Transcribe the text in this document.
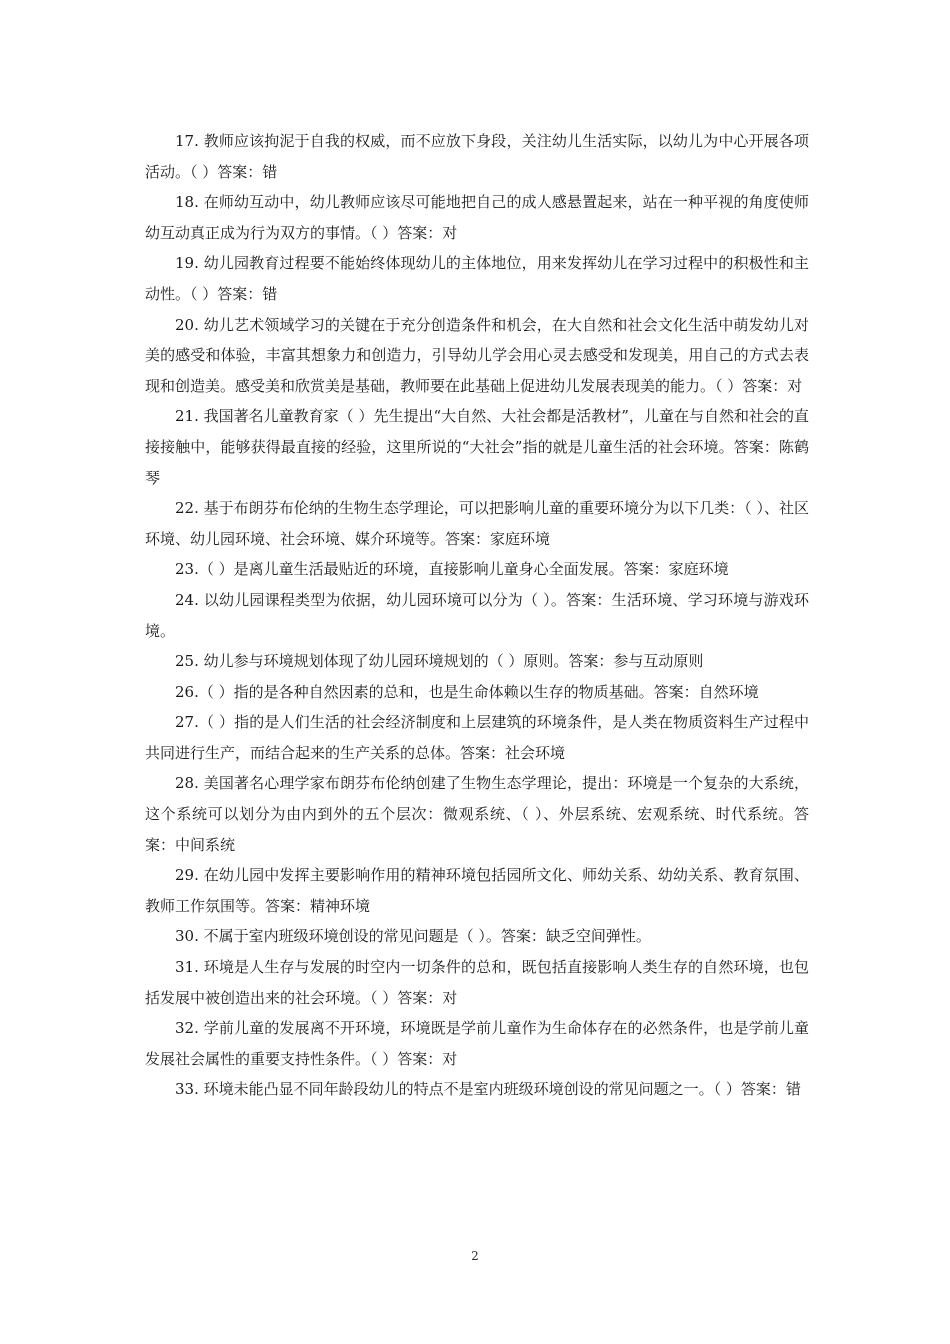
17. 教师应该拘泥于自我的权威，而不应放下身段，关注幼儿生活实际，以幼儿为中心开展各项活动。（ ）答案：错

18. 在师幼互动中，幼儿教师应该尽可能地把自己的成人感悬置起来，站在一种平视的角度使师幼互动真正成为行为双方的事情。（ ）答案：对

19. 幼儿园教育过程要不能始终体现幼儿的主体地位，用来发挥幼儿在学习过程中的积极性和主动性。（ ）答案：错

20. 幼儿艺术领域学习的关键在于充分创造条件和机会，在大自然和社会文化生活中萌发幼儿对美的感受和体验，丰富其想象力和创造力，引导幼儿学会用心灵去感受和发现美，用自己的方式去表现和创造美。感受美和欣赏美是基础，教师要在此基础上促进幼儿发展表现美的能力。（ ）答案：对

21. 我国著名儿童教育家（ ）先生提出“大自然、大社会都是活教材”，儿童在与自然和社会的直接接触中，能够获得最直接的经验，这里所说的“大社会”指的就是儿童生活的社会环境。答案：陈鹤琴

22. 基于布朗芬布伦纳的生物生态学理论，可以把影响儿童的重要环境分为以下几类：（ ）、社区环境、幼儿园环境、社会环境、媒介环境等。答案：家庭环境

23.（ ）是离儿童生活最贴近的环境，直接影响儿童身心全面发展。答案：家庭环境

24. 以幼儿园课程类型为依据，幼儿园环境可以分为（ ）。答案：生活环境、学习环境与游戏环境。

25. 幼儿参与环境规划体现了幼儿园环境规划的（ ）原则。答案：参与互动原则

26.（ ）指的是各种自然因素的总和，也是生命体赖以生存的物质基础。答案：自然环境

27.（ ）指的是人们生活的社会经济制度和上层建筑的环境条件，是人类在物质资料生产过程中共同进行生产，而结合起来的生产关系的总体。答案：社会环境

28. 美国著名心理学家布朗芬布伦纳创建了生物生态学理论，提出：环境是一个复杂的大系统，这个系统可以划分为由内到外的五个层次：微观系统、（ ）、外层系统、宏观系统、时代系统。答案：中间系统

29. 在幼儿园中发挥主要影响作用的精神环境包括园所文化、师幼关系、幼幼关系、教育氛围、教师工作氛围等。答案：精神环境

30. 不属于室内班级环境创设的常见问题是（ ）。答案：缺乏空间弹性。

31. 环境是人生存与发展的时空内一切条件的总和，既包括直接影响人类生存的自然环境，也包括发展中被创造出来的社会环境。（ ）答案：对

32. 学前儿童的发展离不开环境，环境既是学前儿童作为生命体存在的必然条件，也是学前儿童发展社会属性的重要支持性条件。（ ）答案：对

33. 环境未能凸显不同年龄段幼儿的特点不是室内班级环境创设的常见问题之一。（ ）答案：错

2
